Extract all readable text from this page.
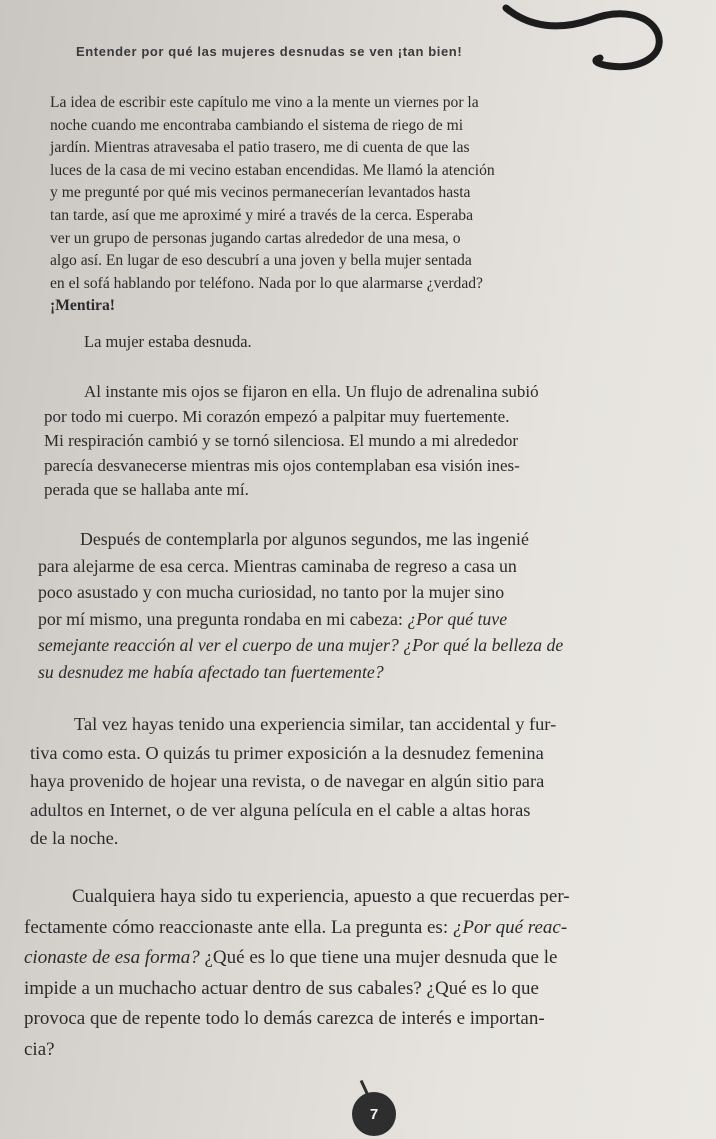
Entender por qué las mujeres desnudas se ven ¡tan bien!
La idea de escribir este capítulo me vino a la mente un viernes por la
noche cuando me encontraba cambiando el sistema de riego de mi
jardín. Mientras atravesaba el patio trasero, me di cuenta de que las
luces de la casa de mi vecino estaban encendidas. Me llamó la atención
y me pregunté por qué mis vecinos permanecerían levantados hasta
tan tarde, así que me aproximé y miré a través de la cerca. Esperaba
ver un grupo de personas jugando cartas alrededor de una mesa, o
algo así. En lugar de eso descubrí a una joven y bella mujer sentada
en el sofá hablando por teléfono. Nada por lo que alarmarse ¿verdad?
¡Mentira!
La mujer estaba desnuda.
Al instante mis ojos se fijaron en ella. Un flujo de adrenalina subió
por todo mi cuerpo. Mi corazón empezó a palpitar muy fuertemente.
Mi respiración cambió y se tornó silenciosa. El mundo a mi alrededor
parecía desvanecerse mientras mis ojos contemplaban esa visión ines-
perada que se hallaba ante mí.
Después de contemplarla por algunos segundos, me las ingenié
para alejarme de esa cerca. Mientras caminaba de regreso a casa un
poco asustado y con mucha curiosidad, no tanto por la mujer sino
por mí mismo, una pregunta rondaba en mi cabeza: ¿Por qué tuve
semejante reacción al ver el cuerpo de una mujer? ¿Por qué la belleza de
su desnudez me había afectado tan fuertemente?
Tal vez hayas tenido una experiencia similar, tan accidental y fur-
tiva como esta. O quizás tu primer exposición a la desnudez femenina
haya provenido de hojear una revista, o de navegar en algún sitio para
adultos en Internet, o de ver alguna película en el cable a altas horas
de la noche.
Cualquiera haya sido tu experiencia, apuesto a que recuerdas per-
fectamente cómo reaccionaste ante ella. La pregunta es: ¿Por qué reac-
cionaste de esa forma? ¿Qué es lo que tiene una mujer desnuda que le
impide a un muchacho actuar dentro de sus cabales? ¿Qué es lo que
provoca que de repente todo lo demás carezca de interés e importan-
cia?
7
